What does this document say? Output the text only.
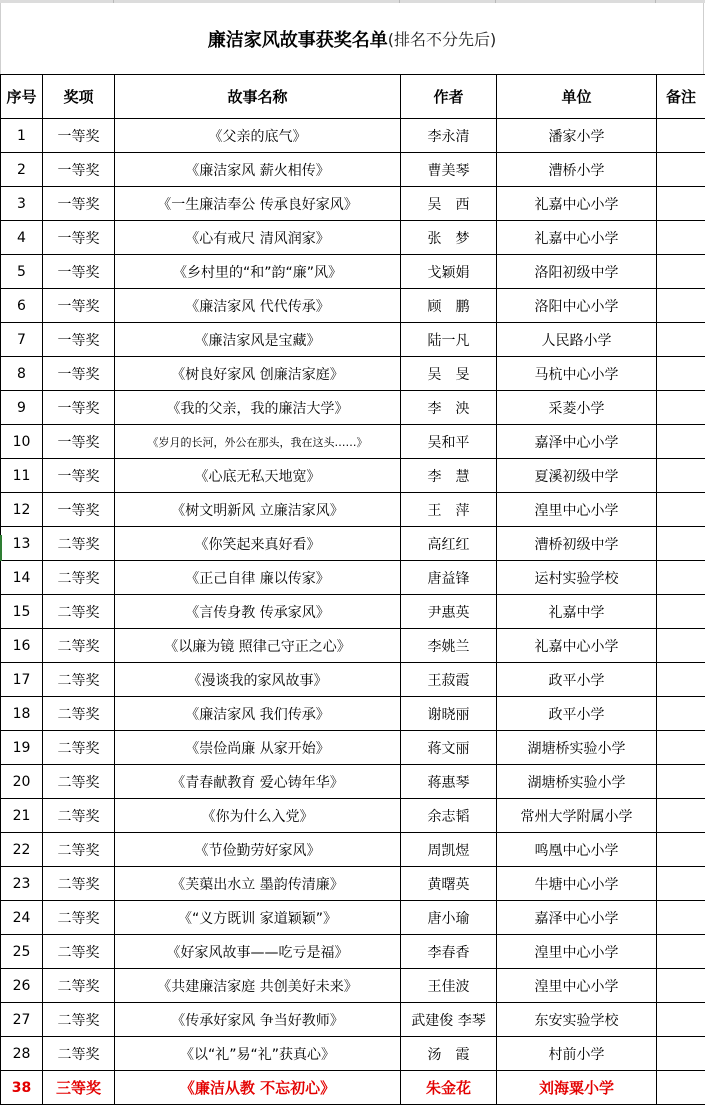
廉洁家风故事获奖名单 (排名不分先后)
序号	奖项	故事名称	作者	单位	备注
1	一等奖	《父亲的底气》	李永清	潘家小学	
2	一等奖	《廉洁家风 薪火相传》	曹美琴	漕桥小学	
3	一等奖	《一生廉洁奉公 传承良好家风》	吴　西	礼嘉中心小学	
4	一等奖	《心有戒尺 清风润家》	张　梦	礼嘉中心小学	
5	一等奖	《乡村里的“和”韵“廉”风》	戈颖娟	洛阳初级中学	
6	一等奖	《廉洁家风 代代传承》	顾　鹏	洛阳中心小学	
7	一等奖	《廉洁家风是宝藏》	陆一凡	人民路小学	
8	一等奖	《树良好家风 创廉洁家庭》	吴　旻	马杭中心小学	
9	一等奖	《我的父亲，我的廉洁大学》	李　泱	采菱小学	
10	一等奖	《岁月的长河，外公在那头，我在这头……》	吴和平	嘉泽中心小学	
11	一等奖	《心底无私天地宽》	李　慧	夏溪初级中学	
12	一等奖	《树文明新风 立廉洁家风》	王　萍	湟里中心小学	
13	二等奖	《你笑起来真好看》	高红红	漕桥初级中学	
14	二等奖	《正己自律 廉以传家》	唐益锋	运村实验学校	
15	二等奖	《言传身教 传承家风》	尹惠英	礼嘉中学	
16	二等奖	《以廉为镜 照律己守正之心》	李姚兰	礼嘉中心小学	
17	二等奖	《漫谈我的家风故事》	王菽霞	政平小学	
18	二等奖	《廉洁家风 我们传承》	谢晓丽	政平小学	
19	二等奖	《崇俭尚廉 从家开始》	蒋文丽	湖塘桥实验小学	
20	二等奖	《青春献教育 爱心铸年华》	蒋惠琴	湖塘桥实验小学	
21	二等奖	《你为什么入党》	余志韬	常州大学附属小学	
22	二等奖	《节俭勤劳好家风》	周凯煜	鸣凰中心小学	
23	二等奖	《芙蕖出水立 墨韵传清廉》	黄曙英	牛塘中心小学	
24	二等奖	《“义方既训 家道颖颖”》	唐小瑜	嘉泽中心小学	
25	二等奖	《好家风故事——吃亏是福》	李春香	湟里中心小学	
26	二等奖	《共建廉洁家庭 共创美好未来》	王佳波	湟里中心小学	
27	二等奖	《传承好家风 争当好教师》	武建俊 李琴	东安实验学校	
28	二等奖	《以“礼”易“礼”获真心》	汤　霞	村前小学	
38	三等奖	《廉洁从教 不忘初心》	朱金花	刘海粟小学	
